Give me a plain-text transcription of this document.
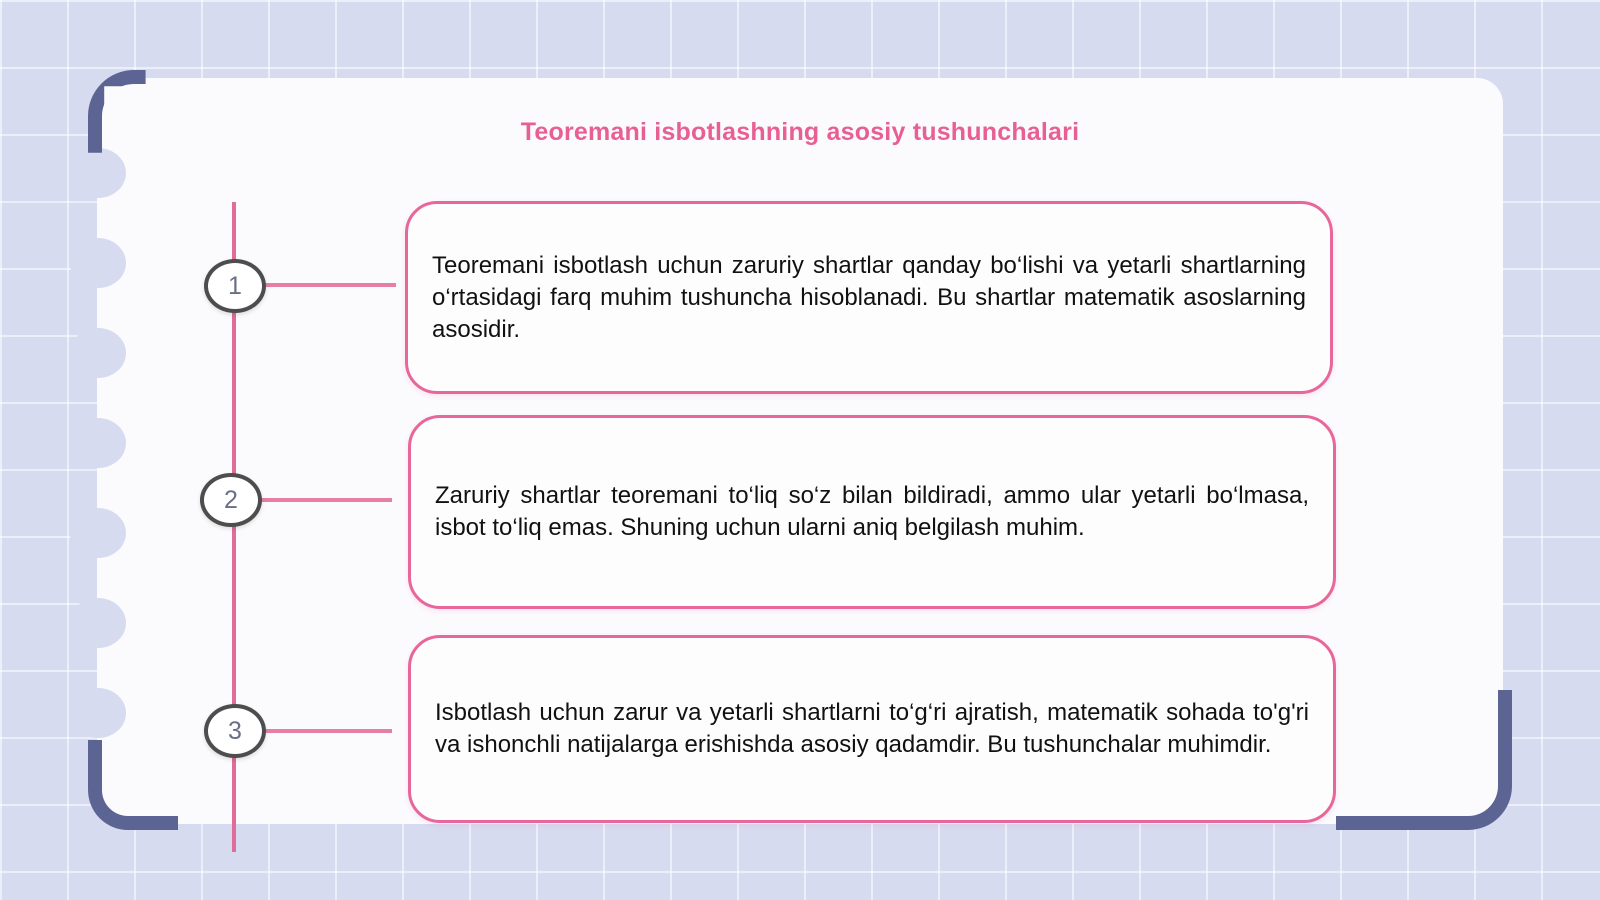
Teoremani isbotlashning asosiy tushunchalari
1
2
3
Teoremani isbotlash uchun zaruriy shartlar qanday bo‘lishi va yetarli shartlarning o‘rtasidagi farq muhim tushuncha hisoblanadi. Bu shartlar matematik asoslarning asosidir.
Zaruriy shartlar teoremani to‘liq so‘z bilan bildiradi, ammo ular yetarli bo‘lmasa, isbot to‘liq emas. Shuning uchun ularni aniq belgilash muhim.
Isbotlash uchun zarur va yetarli shartlarni to‘g‘ri ajratish, matematik sohada to'g'ri va ishonchli natijalarga erishishda asosiy qadamdir. Bu tushunchalar muhimdir.
